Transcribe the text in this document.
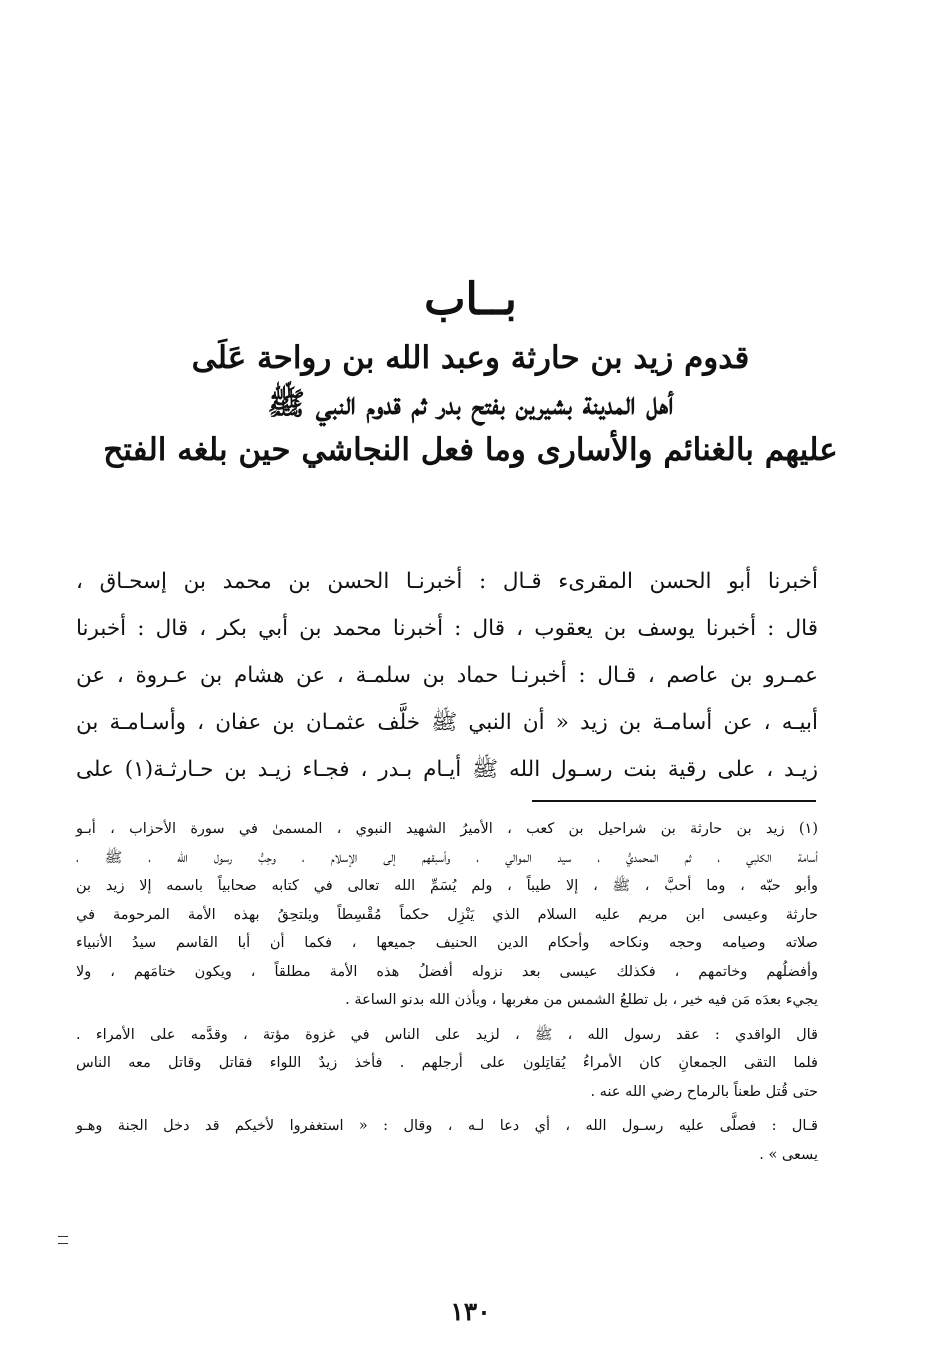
بــاب
قدوم زيد بن حارثة وعبد الله بن رواحة عَلَى
أهل المدينة بشيرين بفتح بدر ثم قدوم النبي ﷺ
عليهم بالغنائم والأسارى وما فعل النجاشي حين بلغه الفتح
أخبرنا أبو الحسن المقرىء قـال : أخبرنـا الحسن بن محمد بن إسحـاق ،
قال : أخبرنا يوسف بن يعقوب ، قال : أخبرنا محمد بن أبي بكر ، قال : أخبرنا
عمـرو بن عاصم ، قـال : أخبرنـا حماد بن سلمـة ، عن هشام بن عـروة ، عن
أبيـه ، عن أسامـة بن زيد « أن النبي ﷺ خلَّف عثمـان بن عفان ، وأسـامـة بن
زيـد ، على رقية بنت رسـول الله ﷺ أيـام بـدر ، فجـاء زيـد بن حـارثـة(١) على
(١) زيد بن حارثة بن شراحيل بن كعب ، الأميرُ الشهيد النبوي ، المسمىٰ في سورة الأحزاب ، أبـو
أسامة الكلبي ، ثم المحمديُّ ، سيد الموالي ، وأسبقهم إلى الإسلام ، وحِبُّ رسول الله ، ﷺ ،
وأبو حبّه ، وما أحبَّ ، ﷺ ، إلا طيباً ، ولم يُسَمِّ الله تعالى في كتابه صحابياً باسمه إلا زيد بن
حارثة وعيسى ابن مريم عليه السلام الذي يَنْزِل حكماً مُقْسِطاً ويلتحِقُ بهذه الأمة المرحومة في
صلاته وصيامه وحجه ونكاحه وأحكام الدين الحنيف جميعها ، فكما أن أبا القاسم سيدُ الأنبياء
وأفضلُهم وخاتمهم ، فكذلك عيسى بعد نزوله أفضلُ هذه الأمة مطلقاً ، ويكون ختامَهم ، ولا
يجيء بعدَه مَن فيه خير ، بل تطلعُ الشمس من مغربها ، ويأذن الله بدنو الساعة .
قال الواقدي : عقد رسول الله ، ﷺ ، لزيد على الناس في غزوة مؤتة ، وقدَّمه على الأمراء .
فلما التقى الجمعانِ كان الأمراءُ يُقاتِلون على أرجلهم . فأخذ زيدٌ اللواء فقاتل وقاتل معه الناس
حتى قُتل طعناً بالرماح رضي الله عنه .
قـال : فصلَّى عليه رسـول الله ، أي دعا لـه ، وقال : « استغفروا لأخيكم قد دخل الجنة وهـو
يسعى » .
١٣٠
